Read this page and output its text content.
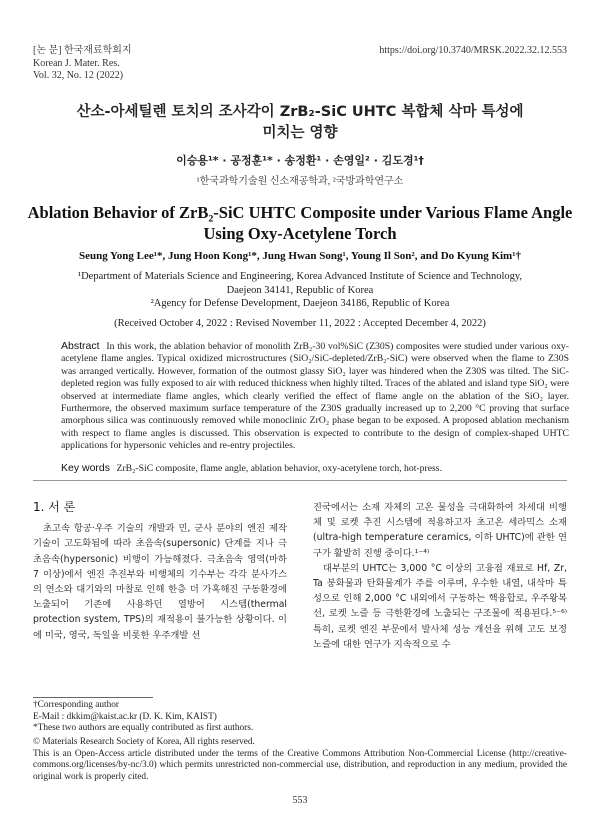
[논 문] 한국재료학회지
Korean J. Mater. Res.
Vol. 32, No. 12 (2022)
https://doi.org/10.3740/MRSK.2022.32.12.553
산소-아세틸렌 토치의 조사각이 ZrB₂-SiC UHTC 복합체 삭마 특성에
미치는 영향
이승용¹* · 공정훈¹* · 송정환¹ · 손영일² · 김도경¹†
¹한국과학기술원 신소재공학과, ²국방과학연구소
Ablation Behavior of ZrB₂-SiC UHTC Composite under Various Flame Angle
Using Oxy-Acetylene Torch
Seung Yong Lee¹*, Jung Hoon Kong¹*, Jung Hwan Song¹, Young Il Son², and Do Kyung Kim¹†
¹Department of Materials Science and Engineering, Korea Advanced Institute of Science and Technology,
Daejeon 34141, Republic of Korea
²Agency for Defense Development, Daejeon 34186, Republic of Korea
(Received October 4, 2022 : Revised November 11, 2022 : Accepted December 4, 2022)
Abstract In this work, the ablation behavior of monolith ZrB₂-30 vol%SiC (Z30S) composites were studied under various oxy-acetylene flame angles. Typical oxidized microstructures (SiO₂/SiC-depleted/ZrB₂-SiC) were observed when the flame to Z30S was arranged vertically. However, formation of the outmost glassy SiO₂ layer was hindered when the Z30S was tilted. The SiC-depleted region was fully exposed to air with reduced thickness when highly tilted. Traces of the ablated and island type SiO₂ were observed at intermediate flame angles, which clearly verified the effect of flame angle on the ablation of the SiO₂ layer. Furthermore, the observed maximum surface temperature of the Z30S gradually increased up to 2,200 °C proving that surface amorphous silica was continuously removed while monoclinic ZrO₂ phase began to be exposed. A proposed ablation mechanism with respect to flame angles is discussed. This observation is expected to contribute to the design of complex-shaped UHTC applications for hypersonic vehicles and re-entry projectiles.
Key words ZrB₂-SiC composite, flame angle, ablation behavior, oxy-acetylene torch, hot-press.
1. 서 론
초고속 항공·우주 기술의 개발과 민, 군사 분야의 엔진 제작 기술이 고도화됨에 따라 초음속(supersonic) 단계를 지나 극초음속(hypersonic) 비행이 가능해졌다. 극초음속 영역(마하 7 이상)에서 엔진 추진부와 비행체의 기수부는 각각 분사가스의 연소와 대기와의 마찰로 인해 한층 더 가혹해진 구동환경에 노출되어 기존에 사용하던 열방어 시스템(thermal protection system, TPS)의 재적용이 불가능한 상황이다. 이에 미국, 영국, 독일을 비롯한 우주개발 선
진국에서는 소재 자체의 고온 물성을 극대화하여 차세대 비행체 및 로켓 추진 시스템에 적용하고자 초고온 세라믹스 소재(ultra-high temperature ceramics, 이하 UHTC)에 관한 연구가 활발히 진행 중이다.¹⁻⁴⁾
대부분의 UHTC는 3,000 °C 이상의 고융점 재료로 Hf, Zr, Ta 붕화물과 탄화물계가 주를 이루며, 우수한 내열, 내삭마 특성으로 인해 2,000 °C 내외에서 구동하는 핵융합로, 우주왕복선, 로켓 노즐 등 극한환경에 노출되는 구조물에 적용된다.⁵⁻⁶⁾ 특히, 로켓 엔진 부문에서 발사체 성능 개선을 위해 고도 보정 노즐에 대한 연구가 지속적으로 수
†Corresponding author
E-Mail : dkkim@kaist.ac.kr (D. K. Kim, KAIST)
*These two authors are equally contributed as first authors.
© Materials Research Society of Korea, All rights reserved.
This is an Open-Access article distributed under the terms of the Creative Commons Attribution Non-Commercial License (http://creative-commons.org/licenses/by-nc/3.0) which permits unrestricted non-commercial use, distribution, and reproduction in any medium, provided the original work is properly cited.
553
